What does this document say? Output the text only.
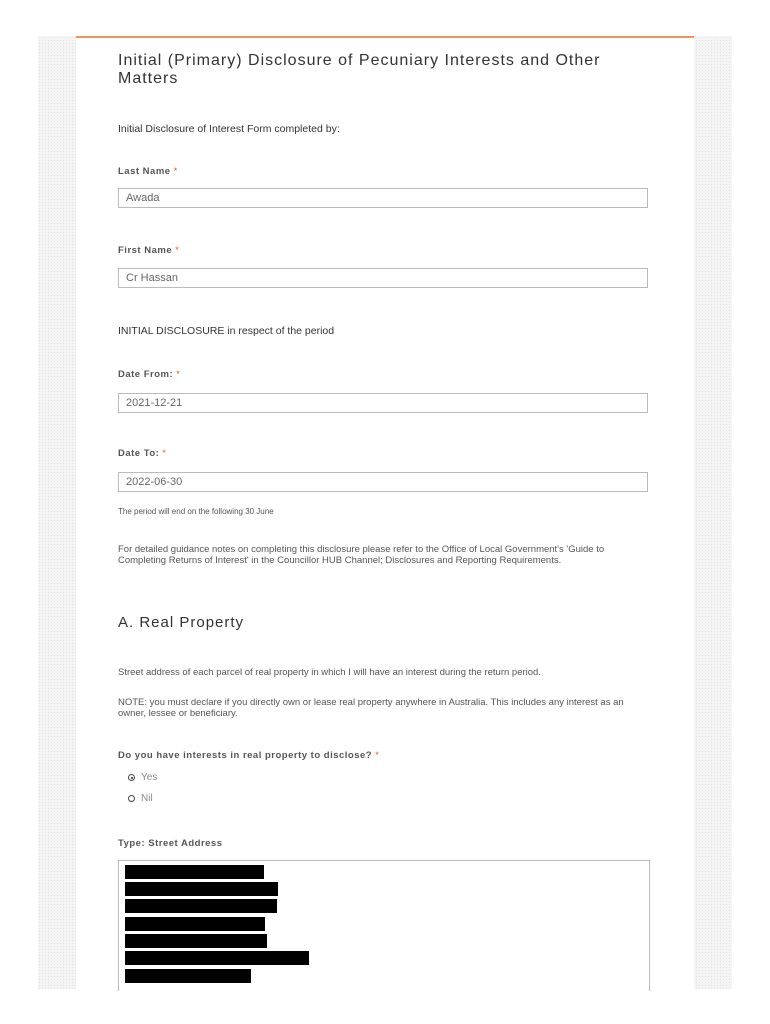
Initial (Primary) Disclosure of Pecuniary Interests and Other Matters
Initial Disclosure of Interest Form completed by:
Last Name *
Awada
First Name *
Cr Hassan
INITIAL DISCLOSURE in respect of the period
Date From: *
2021-12-21
Date To: *
2022-06-30
The period will end on the following 30 June
For detailed guidance notes on completing this disclosure please refer to the Office of Local Government's 'Guide to Completing Returns of Interest' in the Councillor HUB Channel; Disclosures and Reporting Requirements.
A. Real Property
Street address of each parcel of real property in which I will have an interest during the return period.
NOTE: you must declare if you directly own or lease real property anywhere in Australia. This includes any interest as an owner, lessee or beneficiary.
Do you have interests in real property to disclose? *
Yes
Nil
Type: Street Address
